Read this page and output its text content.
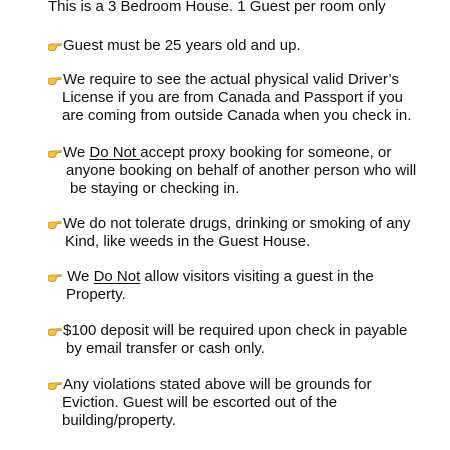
This is a 3 Bedroom House. 1 Guest per room only
Guest must be 25 years old and up.
We require to see the actual physical valid Driver’s
License if you are from Canada and Passport if you
are coming from outside Canada when you check in.
We Do Not accept proxy booking for someone, or
anyone booking on behalf of another person who will
be staying or checking in.
We do not tolerate drugs, drinking or smoking of any
Kind, like weeds in the Guest House.
We Do Not allow visitors visiting a guest in the
Property.
$100 deposit will be required upon check in payable
by email transfer or cash only.
Any violations stated above will be grounds for
Eviction. Guest will be escorted out of the
building/property.
